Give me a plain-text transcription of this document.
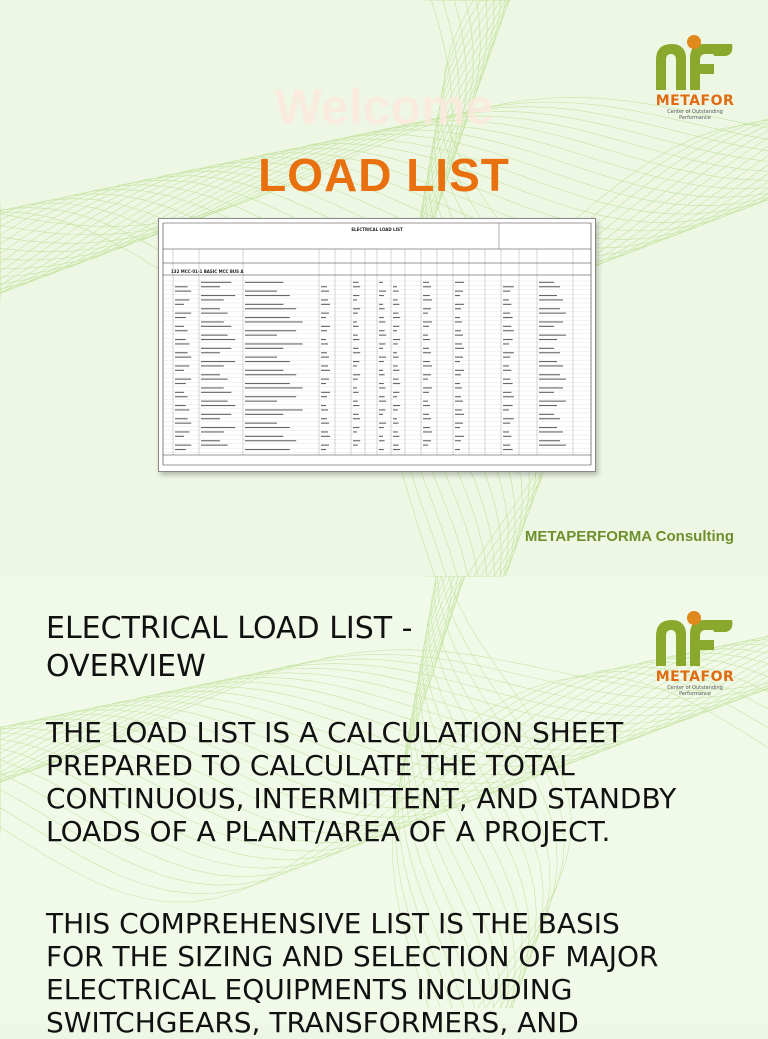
METAFOR
Center of Outstanding Performance
Welcome
LOAD LIST
ELECTRICAL LOAD LIST
132 MCC-01-1 BASIC MCC BUS A
METAPERFORMA Consulting
METAFOR
Center of Outstanding Performance
ELECTRICAL LOAD LIST -
OVERVIEW
THE LOAD LIST IS A CALCULATION SHEET
PREPARED TO CALCULATE THE TOTAL
CONTINUOUS, INTERMITTENT, AND STANDBY
LOADS OF A PLANT/AREA OF A PROJECT.
THIS COMPREHENSIVE LIST IS THE BASIS
FOR THE SIZING AND SELECTION OF MAJOR
ELECTRICAL EQUIPMENTS INCLUDING
SWITCHGEARS, TRANSFORMERS, AND
